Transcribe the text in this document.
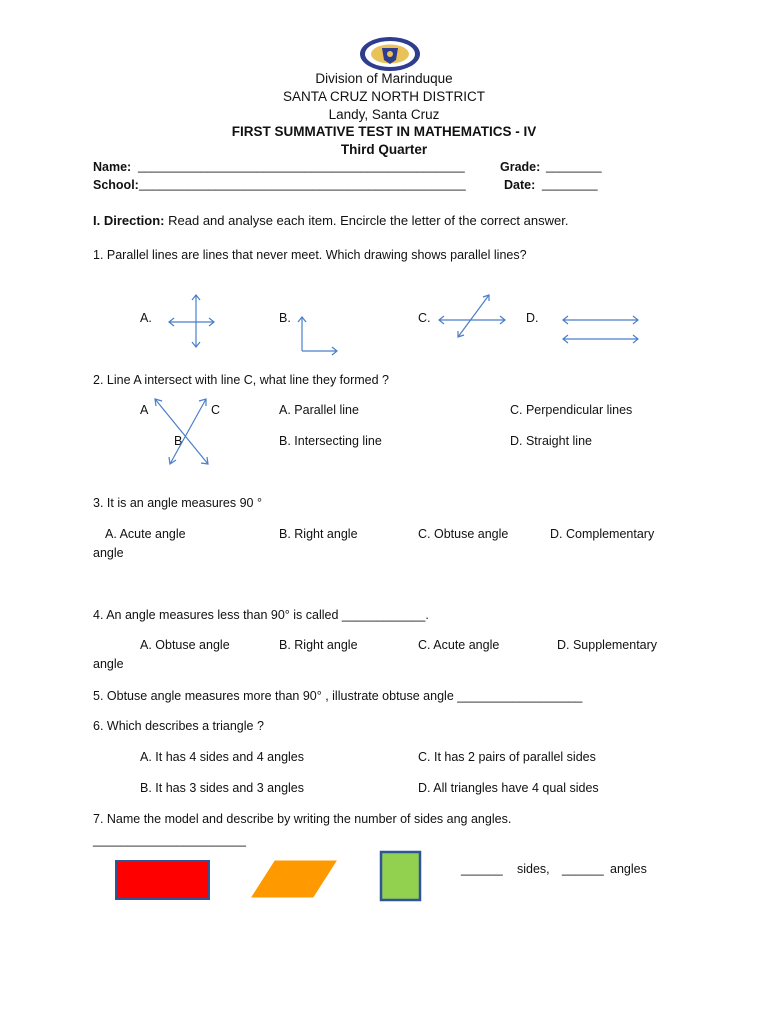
Division of Marinduque
SANTA CRUZ NORTH DISTRICT
Landy, Santa Cruz
FIRST SUMMATIVE TEST IN MATHEMATICS - IV
Third Quarter
Name: _______________________________________________	Grade: ________
School: _______________________________________________	Date: ________
I. Direction: Read and analyse each item. Encircle the letter of the correct answer.
1. Parallel lines are lines that never meet. Which drawing shows parallel lines?
A.	B.	C.	D.
2. Line A intersect with line C, what line they formed ?
A	C
B
A. Parallel line	C. Perpendicular lines
B. Intersecting line	D. Straight line
3. It is an angle measures 90 °
A. Acute angle	B. Right angle	C. Obtuse angle	D. Complementary
angle
4. An angle measures less than 90° is called ____________.
A. Obtuse angle	B. Right angle	C. Acute angle	D. Supplementary
angle
5. Obtuse angle measures more than 90° , illustrate obtuse angle __________________
6. Which describes a triangle ?
A. It has 4 sides and 4 angles	C. It has 2 pairs of parallel sides
B. It has 3 sides and 3 angles	D. All triangles have 4 qual sides
7. Name the model and describe by writing the number of sides ang angles.
______________________
______ sides, ______ angles
